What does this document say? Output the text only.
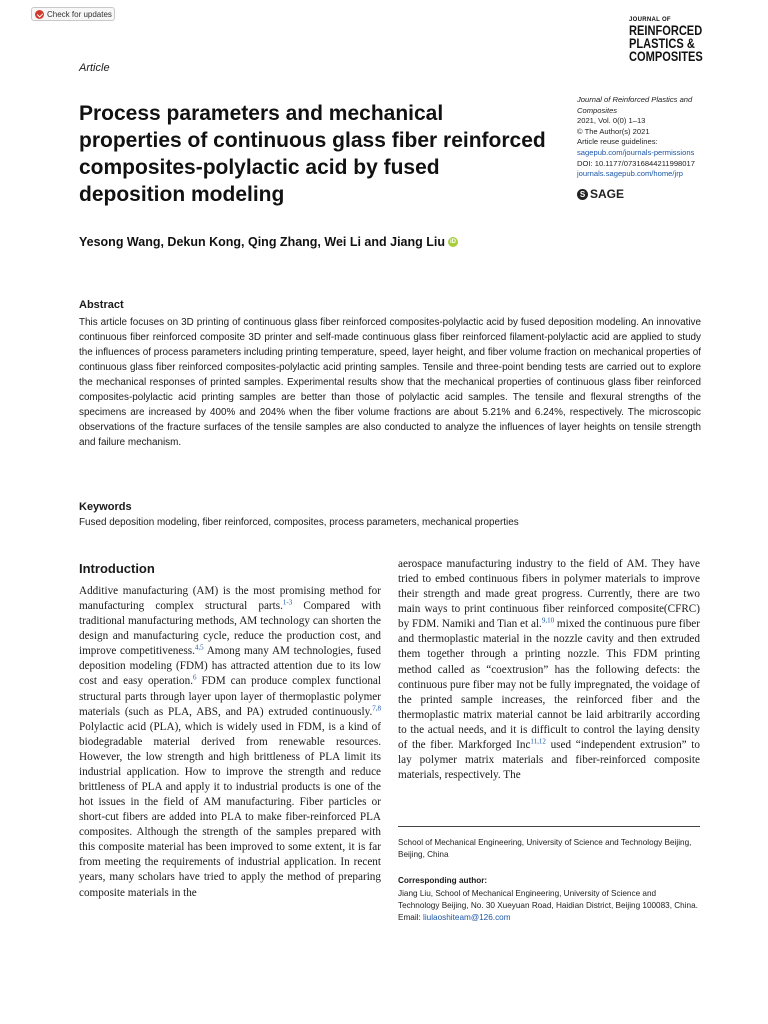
Check for updates
JOURNAL OF
REINFORCED
PLASTICS &
COMPOSITES
Article
Process parameters and mechanical properties of continuous glass fiber reinforced composites-polylactic acid by fused deposition modeling
Journal of Reinforced Plastics and Composites
2021, Vol. 0(0) 1–13
© The Author(s) 2021
Article reuse guidelines:
sagepub.com/journals-permissions
DOI: 10.1177/07316844211998017
journals.sagepub.com/home/jrp
S SAGE
Yesong Wang, Dekun Kong, Qing Zhang, Wei Li and Jiang Liu iD
Abstract

This article focuses on 3D printing of continuous glass fiber reinforced composites-polylactic acid by fused deposition modeling. An innovative continuous fiber reinforced composite 3D printer and self-made continuous glass fiber reinforced filament-polylactic acid are applied to study the influences of process parameters including printing temperature, speed, layer height, and fiber volume fraction on mechanical properties of continuous glass fiber reinforced composites-polylactic acid printing samples. Tensile and three-point bending tests are carried out to explore the mechanical responses of printed samples. Experimental results show that the mechanical properties of continuous glass fiber reinforced composites-polylactic acid printing samples are better than those of polylactic acid samples. The tensile and flexural strengths of the specimens are increased by 400% and 204% when the fiber volume fractions are about 5.21% and 6.24%, respectively. The microscopic observations of the fracture surfaces of the tensile samples are also conducted to analyze the influences of layer heights on tensile strength and failure mechanism.

Keywords
Fused deposition modeling, fiber reinforced, composites, process parameters, mechanical properties
Introduction

Additive manufacturing (AM) is the most promising method for manufacturing complex structural parts.$^{1-3}$ Compared with traditional manufacturing methods, AM technology can shorten the design and manufacturing cycle, reduce the production cost, and improve competitiveness.$^{4,5}$ Among many AM technologies, fused deposition modeling (FDM) has attracted attention due to its low cost and easy operation.$^6$ FDM can produce complex functional structural parts through layer upon layer of thermoplastic polymer materials (such as PLA, ABS, and PA) extruded continuously.$^{7,8}$ Polylactic acid (PLA), which is widely used in FDM, is a kind of biodegradable material derived from renewable resources. However, the low strength and high brittleness of PLA limit its industrial application. How to improve the strength and reduce brittleness of PLA and apply it to industrial products is one of the hot issues in the field of AM manufacturing. Fiber particles or short-cut fibers are added into PLA to make fiber-reinforced PLA composites. Although the strength of the samples prepared with this composite material has been improved to some extent, it is far from meeting the requirements of industrial application. In recent years, many scholars have tried to apply the method of preparing composite materials in the

aerospace manufacturing industry to the field of AM. They have tried to embed continuous fibers in polymer materials to improve their strength and made great progress. Currently, there are two main ways to print continuous fiber reinforced composite(CFRC) by FDM. Namiki and Tian et al.$^{9,10}$ mixed the continuous pure fiber and thermoplastic material in the nozzle cavity and then extruded them together through a printing nozzle. This FDM printing method called as “coextrusion” has the following defects: the continuous pure fiber may not be fully impregnated, the voidage of the printed sample increases, the reinforced fiber and the thermoplastic matrix material cannot be laid arbitrarily according to the actual needs, and it is difficult to control the laying density of the fiber. Markforged Inc$^{11,12}$ used “independent extrusion” to lay polymer matrix materials and fiber-reinforced composite materials, respectively. The

School of Mechanical Engineering, University of Science and Technology Beijing, Beijing, China
Corresponding author:
Jiang Liu, School of Mechanical Engineering, University of Science and Technology Beijing, No. 30 Xueyuan Road, Haidian District, Beijing 100083, China.
Email: liulaoshiteam@126.com
